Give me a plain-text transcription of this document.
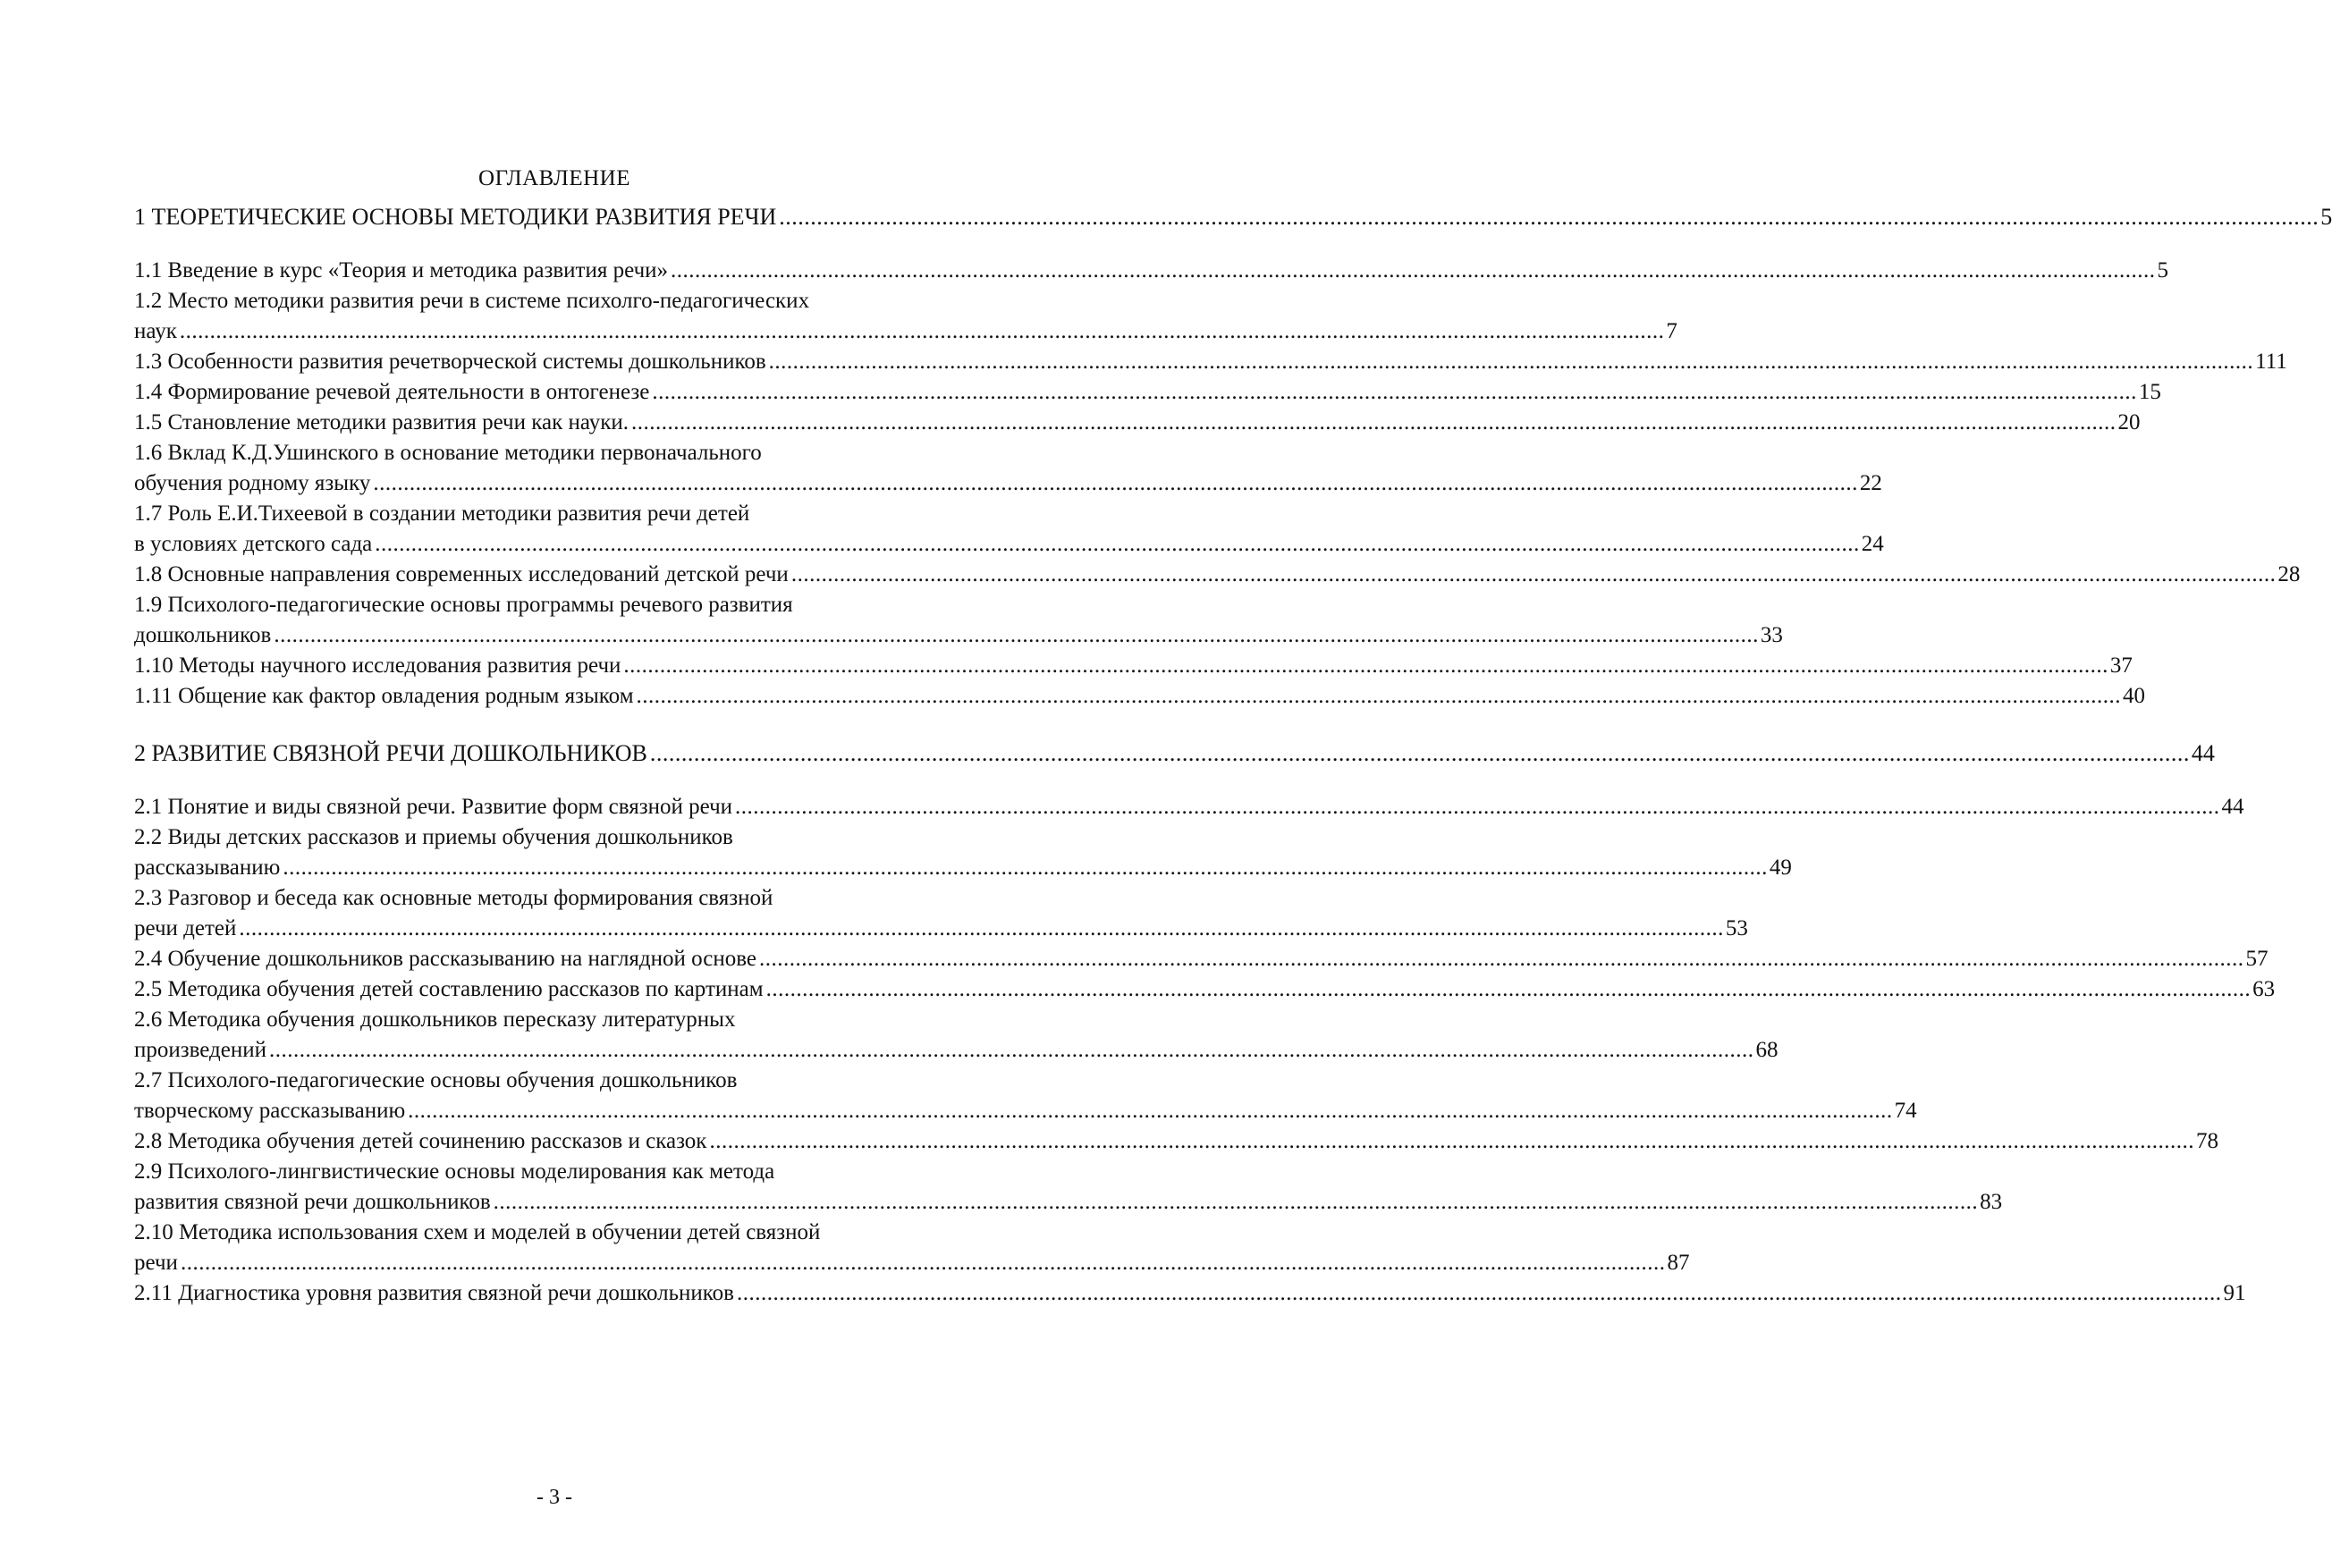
ОГЛАВЛЕНИЕ
1 ТЕОРЕТИЧЕСКИЕ ОСНОВЫ МЕТОДИКИ РАЗВИТИЯ РЕЧИ ...................................................................................................................................................................................................................................................... 5
1.1 Введение в курс «Теория и методика развития речи» ...................................................................................................................................................................................................................................................... 5
1.2 Место методики развития речи в системе психолго-педагогических
наук ...................................................................................................................................................................................................................................................... 7
1.3 Особенности развития речетворческой системы дошкольников ...................................................................................................................................................................................................................................................... 111
1.4 Формирование речевой деятельности в онтогенезе ...................................................................................................................................................................................................................................................... 15
1.5 Становление методики развития речи как науки. ...................................................................................................................................................................................................................................................... 20
1.6 Вклад К.Д.Ушинского в основание методики первоначального
обучения родному языку ...................................................................................................................................................................................................................................................... 22
1.7 Роль Е.И.Тихеевой в создании методики развития речи детей
в условиях детского сада ...................................................................................................................................................................................................................................................... 24
1.8 Основные направления современных исследований детской речи ...................................................................................................................................................................................................................................................... 28
1.9 Психолого-педагогические основы программы речевого развития
дошкольников ...................................................................................................................................................................................................................................................... 33
1.10 Методы научного исследования развития речи ...................................................................................................................................................................................................................................................... 37
1.11 Общение как фактор овладения родным языком ...................................................................................................................................................................................................................................................... 40
2 РАЗВИТИЕ СВЯЗНОЙ РЕЧИ ДОШКОЛЬНИКОВ ...................................................................................................................................................................................................................................................... 44
2.1 Понятие и виды связной речи. Развитие форм связной речи ...................................................................................................................................................................................................................................................... 44
2.2 Виды детских рассказов и приемы обучения дошкольников
рассказыванию ...................................................................................................................................................................................................................................................... 49
2.3 Разговор и беседа как основные методы формирования связной
речи детей ...................................................................................................................................................................................................................................................... 53
2.4 Обучение дошкольников рассказыванию на наглядной основе ...................................................................................................................................................................................................................................................... 57
2.5 Методика обучения детей составлению рассказов по картинам ...................................................................................................................................................................................................................................................... 63
2.6 Методика обучения дошкольников пересказу литературных
произведений ...................................................................................................................................................................................................................................................... 68
2.7 Психолого-педагогические основы обучения дошкольников
творческому рассказыванию ...................................................................................................................................................................................................................................................... 74
2.8 Методика обучения детей сочинению рассказов и сказок ...................................................................................................................................................................................................................................................... 78
2.9 Психолого-лингвистические основы моделирования как метода
развития связной речи дошкольников ...................................................................................................................................................................................................................................................... 83
2.10 Методика использования схем и моделей в обучении детей связной
речи ...................................................................................................................................................................................................................................................... 87
2.11 Диагностика уровня развития связной речи дошкольников ...................................................................................................................................................................................................................................................... 91
- 3 -
